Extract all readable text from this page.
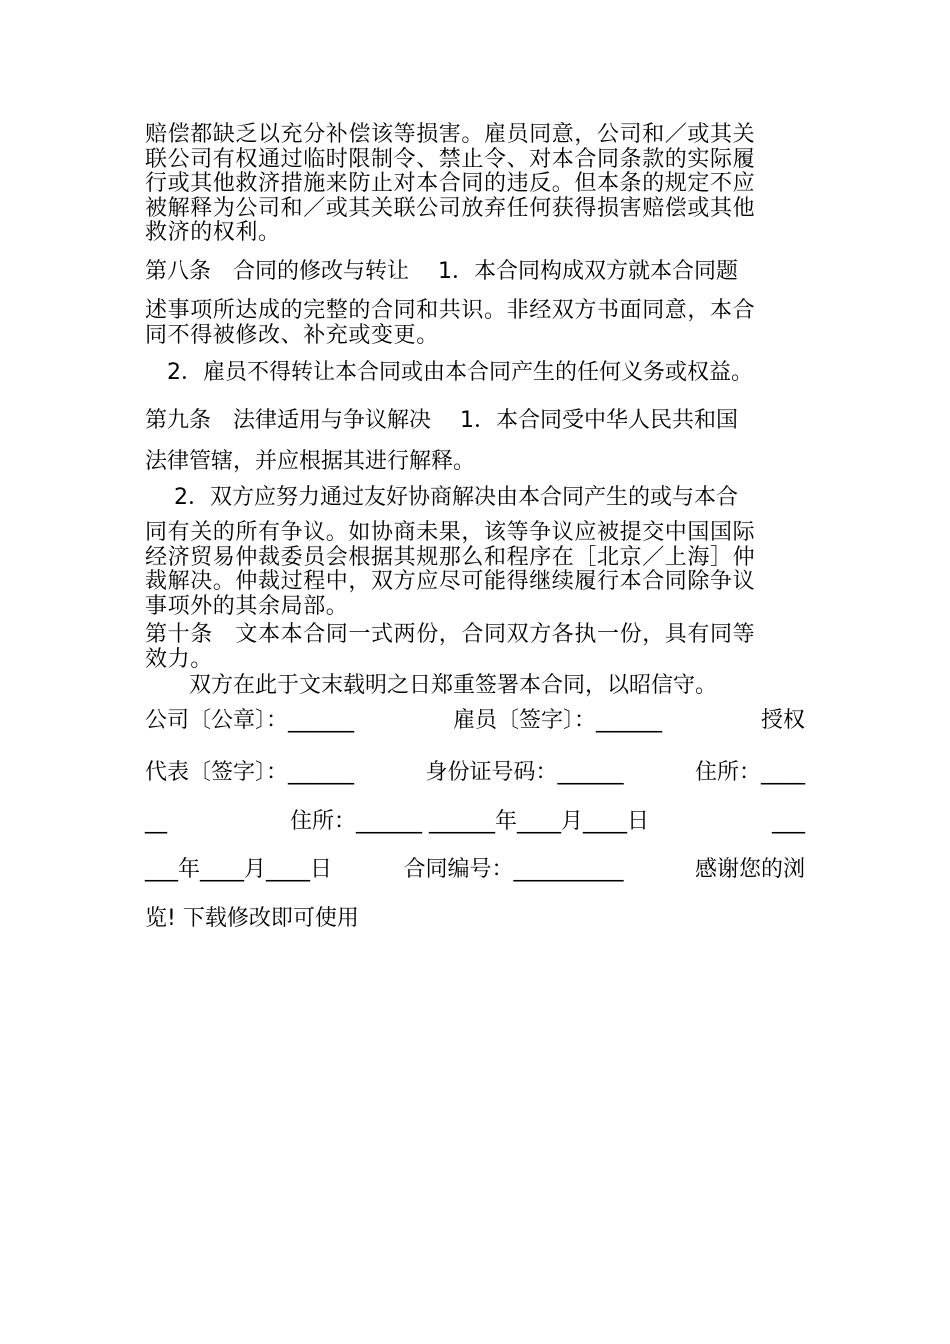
赔偿都缺乏以充分补偿该等损害。雇员同意，公司和／或其关
联公司有权通过临时限制令、禁止令、对本合同条款的实际履
行或其他救济措施来防止对本合同的违反。但本条的规定不应
被解释为公司和／或其关联公司放弃任何获得损害赔偿或其他
救济的权利。
第八条　合同的修改与转让　 1．本合同构成双方就本合同题
述事项所达成的完整的合同和共识。非经双方书面同意，本合
同不得被修改、补充或变更。
　2．雇员不得转让本合同或由本合同产生的任何义务或权益。
第九条　法律适用与争议解决　 1．本合同受中华人民共和国
法律管辖，并应根据其进行解释。
　 2．双方应努力通过友好协商解决由本合同产生的或与本合
同有关的所有争议。如协商未果，该等争议应被提交中国国际
经济贸易仲裁委员会根据其规那么和程序在［北京／上海］仲
裁解决。仲裁过程中，双方应尽可能得继续履行本合同除争议
事项外的其余局部。
第十条　文本本合同一式两份，合同双方各执一份，具有同等
效力。
　　双方在此于文末载明之日郑重签署本合同，以昭信守。
公司〔公章〕：______	雇员〔签字〕：______	授权
代表〔签字〕：______	身份证号码：______	住所：____
__	住所：______ ______年____月____日	___
___年____月____日	合同编号：__________	感谢您的浏
览! 下载修改即可使用
